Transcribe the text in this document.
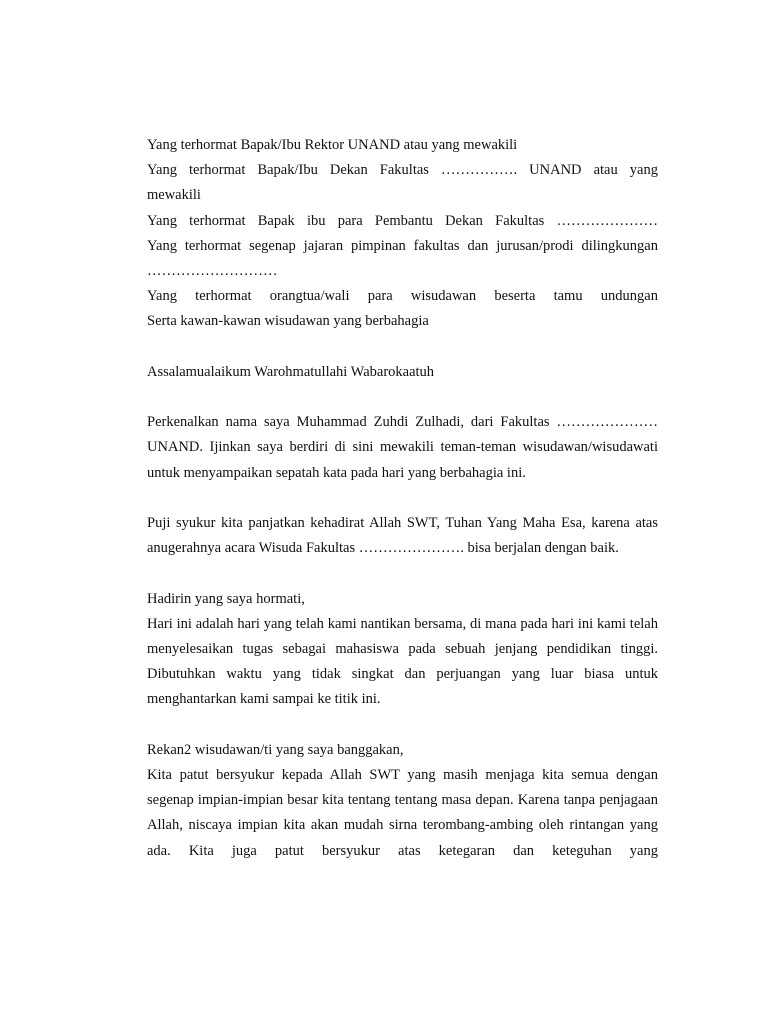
Yang terhormat Bapak/Ibu Rektor UNAND atau yang mewakili
Yang terhormat Bapak/Ibu Dekan Fakultas ……………. UNAND atau yang
mewakili
Yang terhormat Bapak ibu para Pembantu Dekan Fakultas …………………
Yang terhormat segenap jajaran pimpinan fakultas dan jurusan/prodi dilingkungan
………………………
Yang terhormat orangtua/wali para wisudawan beserta tamu undungan
Serta kawan-kawan wisudawan yang berbahagia

Assalamualaikum Warohmatullahi Wabarokaatuh

Perkenalkan nama saya Muhammad Zuhdi Zulhadi, dari Fakultas ………………… UNAND. Ijinkan saya berdiri di sini mewakili teman-teman wisudawan/wisudawati untuk menyampaikan sepatah kata pada hari yang berbahagia ini.

Puji syukur kita panjatkan kehadirat Allah SWT, Tuhan Yang Maha Esa, karena atas anugerahnya acara Wisuda Fakultas …………………. bisa berjalan dengan baik.

Hadirin yang saya hormati,
Hari ini adalah hari yang telah kami nantikan bersama, di mana pada hari ini kami telah menyelesaikan tugas sebagai mahasiswa pada sebuah jenjang pendidikan tinggi. Dibutuhkan waktu yang tidak singkat dan perjuangan yang luar biasa untuk menghantarkan kami sampai ke titik ini.
Rekan2 wisudawan/ti yang saya banggakan,
Kita patut bersyukur kepada Allah SWT yang masih menjaga kita semua dengan segenap impian-impian besar kita tentang tentang masa depan. Karena tanpa penjagaan Allah, niscaya impian kita akan mudah sirna terombang-ambing oleh rintangan yang ada. Kita juga patut bersyukur atas ketegaran dan keteguhan yang
